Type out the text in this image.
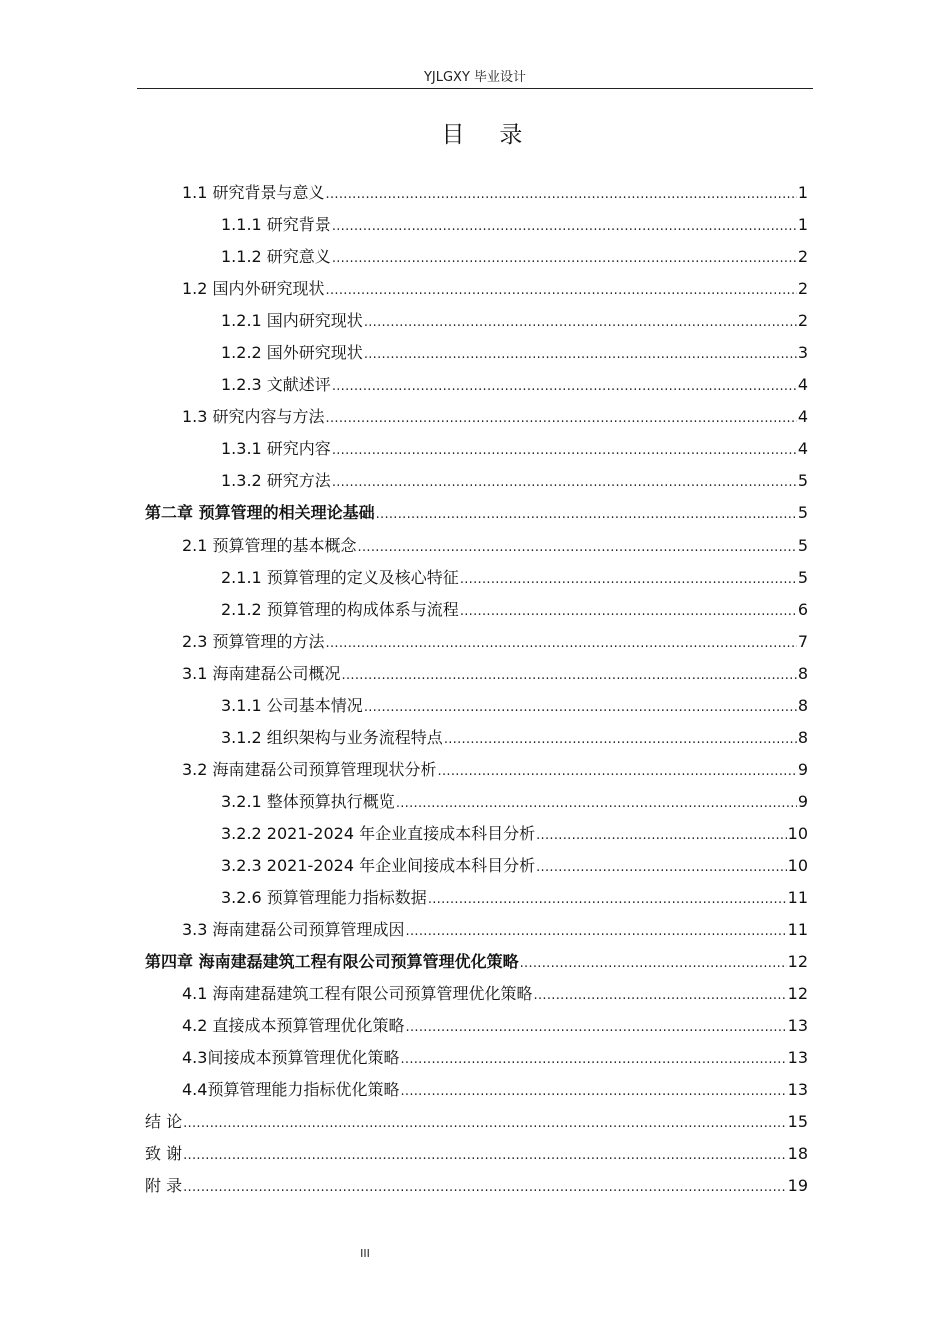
YJLGXY 毕业设计
目 录
1.1 研究背景与意义 .....	1
1.1.1 研究背景 .....	1
1.1.2 研究意义 .....	2
1.2 国内外研究现状 .....	2
1.2.1 国内研究现状 .....	2
1.2.2 国外研究现状 .....	3
1.2.3 文献述评 .....	4
1.3 研究内容与方法 .....	4
1.3.1 研究内容 .....	4
1.3.2 研究方法 .....	5
第二章 预算管理的相关理论基础 .....	5
2.1 预算管理的基本概念 .....	5
2.1.1 预算管理的定义及核心特征 .....	5
2.1.2 预算管理的构成体系与流程 .....	6
2.3 预算管理的方法 .....	7
3.1 海南建磊公司概况 .....	8
3.1.1 公司基本情况 .....	8
3.1.2 组织架构与业务流程特点 .....	8
3.2 海南建磊公司预算管理现状分析 .....	9
3.2.1 整体预算执行概览 .....	9
3.2.2 2021-2024 年企业直接成本科目分析 .....	10
3.2.3 2021-2024 年企业间接成本科目分析 .....	10
3.2.6 预算管理能力指标数据 .....	11
3.3 海南建磊公司预算管理成因 .....	11
第四章 海南建磊建筑工程有限公司预算管理优化策略 .....	12
4.1 海南建磊建筑工程有限公司预算管理优化策略 .....	12
4.2 直接成本预算管理优化策略 .....	13
4.3间接成本预算管理优化策略 .....	13
4.4预算管理能力指标优化策略 .....	13
结 论 .....	15
致 谢 .....	18
附 录 .....	19
III
